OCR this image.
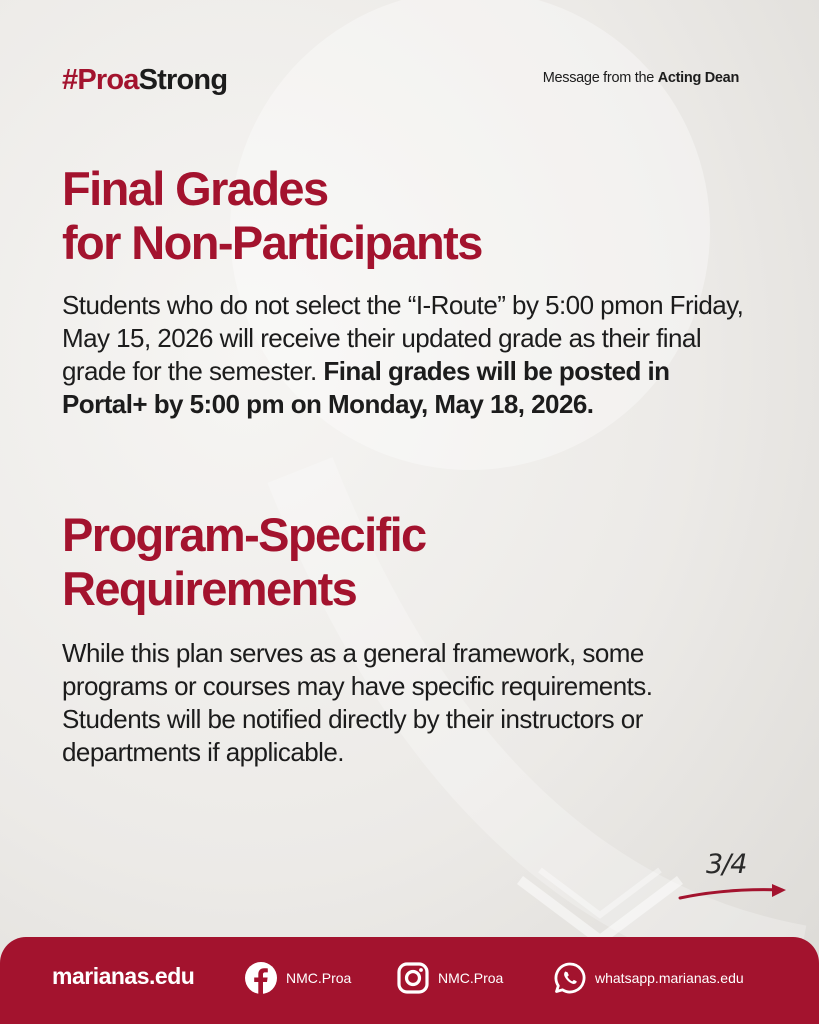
#ProaStrong	Message from the Acting Dean

Final Grades
for Non-Participants

Students who do not select the “I-Route” by 5:00 pmon Friday, May 15, 2026 will receive their updated grade as their final grade for the semester. Final grades will be posted in Portal+ by 5:00 pm on Monday, May 18, 2026.

Program-Specific
Requirements

While this plan serves as a general framework, some programs or courses may have specific requirements. Students will be notified directly by their instructors or departments if applicable.

3/4

marianas.edu	NMC.Proa	NMC.Proa	whatsapp.marianas.edu
